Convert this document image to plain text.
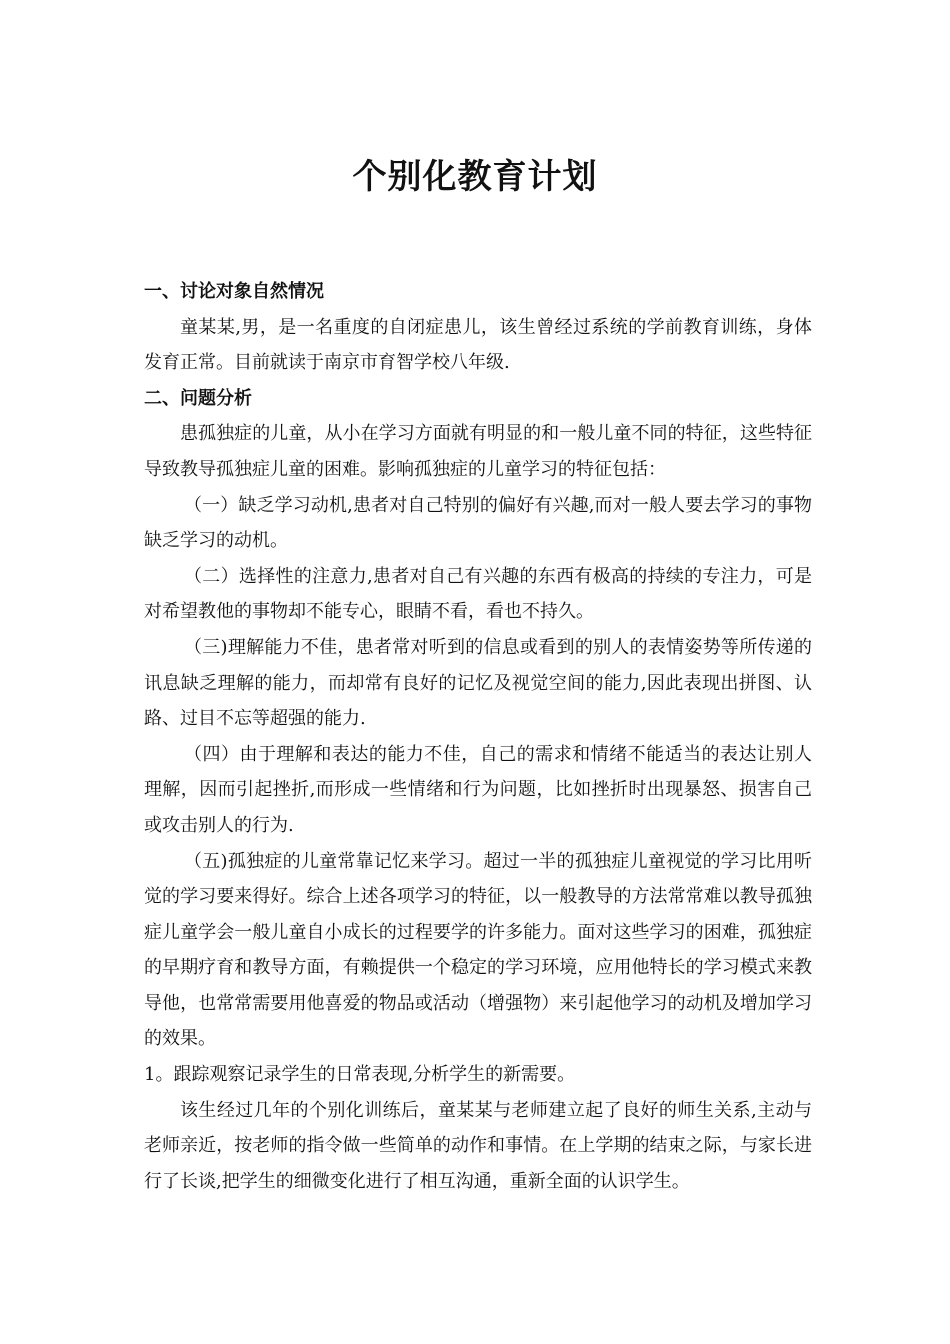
个别化教育计划

一、讨论对象自然情况

童某某,男，是一名重度的自闭症患儿，该生曾经过系统的学前教育训练，身体发育正常。目前就读于南京市育智学校八年级.

二、问题分析

患孤独症的儿童，从小在学习方面就有明显的和一般儿童不同的特征，这些特征导致教导孤独症儿童的困难。影响孤独症的儿童学习的特征包括：

（一）缺乏学习动机,患者对自己特别的偏好有兴趣,而对一般人要去学习的事物缺乏学习的动机。

（二）选择性的注意力,患者对自己有兴趣的东西有极高的持续的专注力，可是对希望教他的事物却不能专心，眼睛不看，看也不持久。

（三)理解能力不佳，患者常对听到的信息或看到的别人的表情姿势等所传递的讯息缺乏理解的能力，而却常有良好的记忆及视觉空间的能力,因此表现出拼图、认路、过目不忘等超强的能力.

（四）由于理解和表达的能力不佳，自己的需求和情绪不能适当的表达让别人理解，因而引起挫折,而形成一些情绪和行为问题，比如挫折时出现暴怒、损害自己或攻击别人的行为.

（五)孤独症的儿童常靠记忆来学习。超过一半的孤独症儿童视觉的学习比用听觉的学习要来得好。综合上述各项学习的特征，以一般教导的方法常常难以教导孤独症儿童学会一般儿童自小成长的过程要学的许多能力。面对这些学习的困难，孤独症的早期疗育和教导方面，有赖提供一个稳定的学习环境，应用他特长的学习模式来教导他，也常常需要用他喜爱的物品或活动（增强物）来引起他学习的动机及增加学习的效果。

1。跟踪观察记录学生的日常表现,分析学生的新需要。

该生经过几年的个别化训练后，童某某与老师建立起了良好的师生关系,主动与老师亲近，按老师的指令做一些简单的动作和事情。在上学期的结束之际，与家长进行了长谈,把学生的细微变化进行了相互沟通，重新全面的认识学生。
